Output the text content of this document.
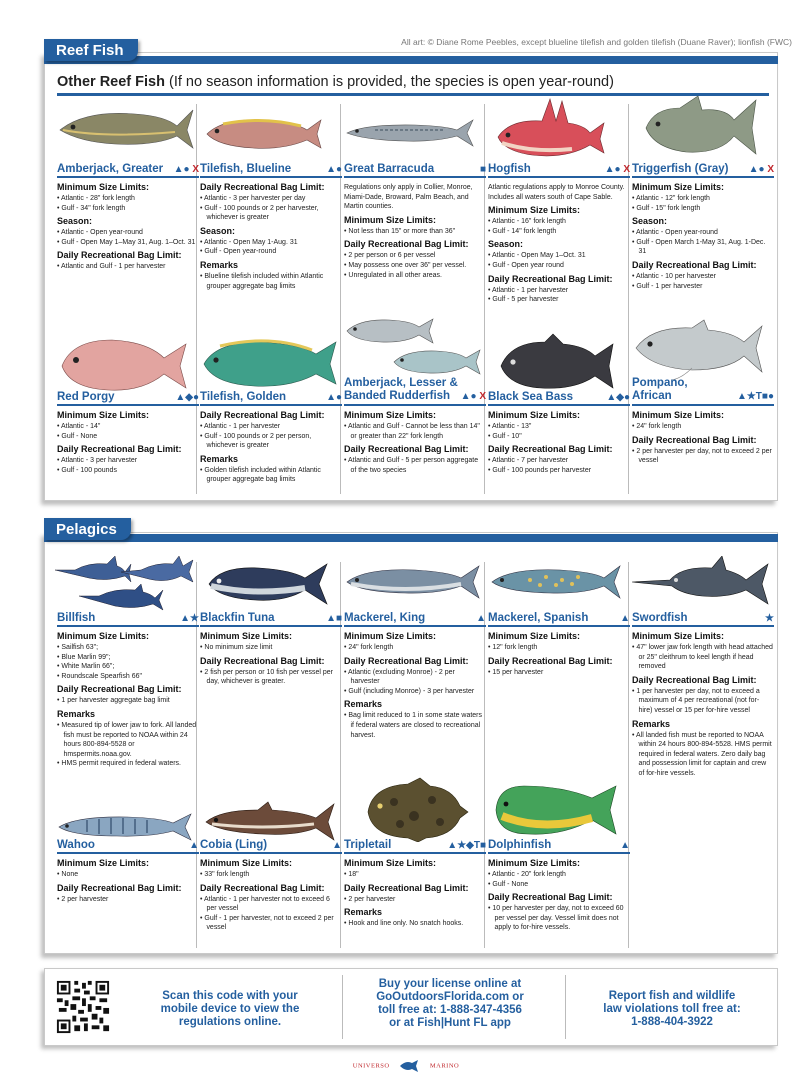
All art: © Diane Rome Peebles, except blueline tilefish and golden tilefish (Duane Raver); lionfish (FWC)
Reef Fish
Other Reef Fish (If no season information is provided, the species is open year-round)
Amberjack, Greater ▲● X
Minimum Size Limits:
• Atlantic - 28" fork length
• Gulf - 34" fork length
Season:
• Atlantic - Open year-round
• Gulf - Open May 1–May 31, Aug. 1–Oct. 31
Daily Recreational Bag Limit:
• Atlantic and Gulf - 1 per harvester
Tilefish, Blueline	▲●
Daily Recreational Bag Limit:
• Atlantic - 3 per harvester per day
• Gulf - 100 pounds or 2 per harvester, whichever is greater
Season:
• Atlantic - Open May 1-Aug. 31
• Gulf - Open year-round
Remarks
• Blueline tilefish included within Atlantic grouper aggregate bag limits
Great Barracuda	■

Regulations only apply in Collier, Monroe, Miami-Dade, Broward, Palm Beach, and Martin counties.

Minimum Size Limits:
• Not less than 15" or more than 36"
Daily Recreational Bag Limit:
• 2 per person or 6 per vessel
• May possess one over 36" per vessel.
• Unregulated in all other areas.
Hogfish	▲● X

Atlantic regulations apply to Monroe County. Includes all waters south of Cape Sable.

Minimum Size Limits:
• Atlantic - 16" fork length
• Gulf - 14" fork length
Season:
• Atlantic - Open May 1–Oct. 31
• Gulf - Open year round
Daily Recreational Bag Limit:
• Atlantic - 1 per harvester
• Gulf - 5 per harvester
Triggerfish (Gray) ▲● X
Minimum Size Limits:
• Atlantic - 12" fork length
• Gulf - 15" fork length
Season:
• Atlantic - Open year-round
• Gulf - Open March 1-May 31, Aug. 1-Dec. 31
Daily Recreational Bag Limit:
• Atlantic - 10 per harvester
• Gulf - 1 per harvester
Red Porgy	▲◆●
Minimum Size Limits:
• Atlantic - 14"
• Gulf - None
Daily Recreational Bag Limit:
• Atlantic - 3 per harvester
• Gulf - 100 pounds
Tilefish, Golden	▲●
Daily Recreational Bag Limit:
• Atlantic - 1 per harvester
• Gulf - 100 pounds or 2 per person, whichever is greater
Remarks
• Golden tilefish included within Atlantic grouper aggregate bag limits
Amberjack, Lesser &
Banded Rudderfish	▲● X
Minimum Size Limits:
• Atlantic and Gulf - Cannot be less than 14" or greater than 22" fork length
Daily Recreational Bag Limit:
• Atlantic and Gulf - 5 per person aggregate of the two species
Black Sea Bass	▲◆●
Minimum Size Limits:
• Atlantic - 13"
• Gulf - 10"
Daily Recreational Bag Limit:
• Atlantic - 7 per harvester
• Gulf - 100 pounds per harvester
Pompano,
African	▲★T■●
Minimum Size Limits:
• 24" fork length
Daily Recreational Bag Limit:
• 2 per harvester per day, not to exceed 2 per vessel
Pelagics
Billfish	▲★
Minimum Size Limits:
• Sailfish 63";
• Blue Marlin 99";
• White Marlin 66";
• Roundscale Spearfish 66"
Daily Recreational Bag Limit:
• 1 per harvester aggregate bag limit
Remarks
• Measured tip of lower jaw to fork. All landed fish must be reported to NOAA within 24 hours 800-894-5528 or hmspermits.noaa.gov.
• HMS permit required in federal waters.
Blackfin Tuna	▲■
Minimum Size Limits:
• No minimum size limit
Daily Recreational Bag Limit:
• 2 fish per person or 10 fish per vessel per day, whichever is greater.
Mackerel, King	▲
Minimum Size Limits:
• 24" fork length
Daily Recreational Bag Limit:
• Atlantic (excluding Monroe) - 2 per harvester
• Gulf (including Monroe) - 3 per harvester
Remarks
• Bag limit reduced to 1 in some state waters if federal waters are closed to recreational harvest.
Mackerel, Spanish	▲
Minimum Size Limits:
• 12" fork length
Daily Recreational Bag Limit:
• 15 per harvester
Swordfish	★
Minimum Size Limits:
• 47" lower jaw fork length with head attached or 25" cleithrum to keel length if head removed
Daily Recreational Bag Limit:
• 1 per harvester per day, not to exceed a maximum of 4 per recreational (not for-hire) vessel or 15 per for-hire vessel
Remarks
• All landed fish must be reported to NOAA within 24 hours 800-894-5528. HMS permit required in federal waters. Zero daily bag and possession limit for captain and crew of for-hire vessels.
Wahoo	▲
Minimum Size Limits:
• None
Daily Recreational Bag Limit:
• 2 per harvester
Cobia (Ling)	▲
Minimum Size Limits:
• 33" fork length
Daily Recreational Bag Limit:
• Atlantic - 1 per harvester not to exceed 6 per vessel
• Gulf - 1 per harvester, not to exceed 2 per vessel
Tripletail	▲★◆T■
Minimum Size Limits:
• 18"
Daily Recreational Bag Limit:
• 2 per harvester
Remarks
• Hook and line only. No snatch hooks.
Dolphinfish	▲
Minimum Size Limits:
• Atlantic - 20" fork length
• Gulf - None
Daily Recreational Bag Limit:
• 10 per harvester per day, not to exceed 60 per vessel per day. Vessel limit does not apply to for-hire vessels.
Scan this code with your mobile device to view the regulations online.
Buy your license online at
GoOutdoorsFlorida.com or
toll free at: 1-888-347-4356
or at Fish|Hunt FL app
Report fish and wildlife
law violations toll free at:
1-888-404-3922
UNIVERSO	MARINO
